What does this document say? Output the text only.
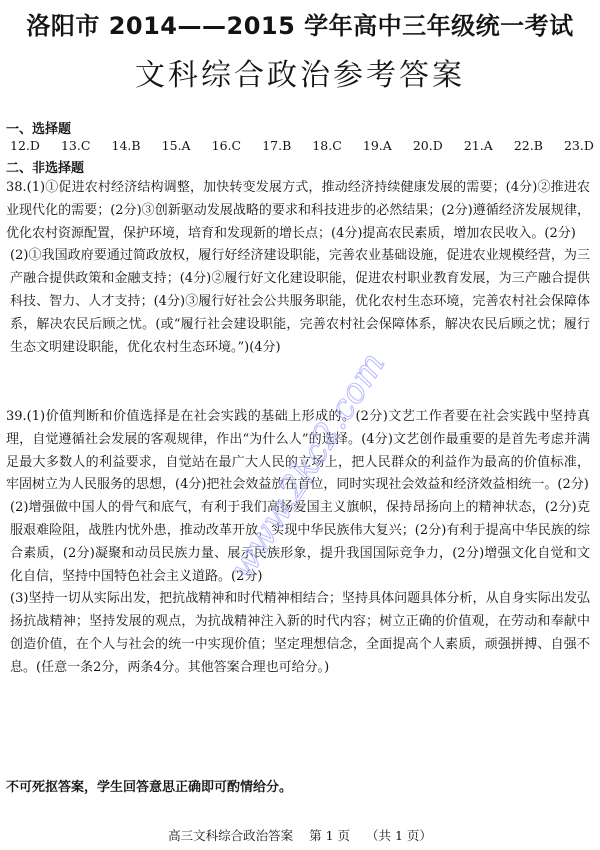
洛阳市 2014——2015 学年高中三年级统一考试
文科综合政治参考答案
一、选择题
12.D 13.C 14.B 15.A 16.C 17.B 18.C 19.A 20.D 21.A 22.B 23.D
二、非选择题

38.(1)①促进农村经济结构调整，加快转变发展方式，推动经济持续健康发展的需要；(4分)②推进农业现代化的需要；(2分)③创新驱动发展战略的要求和科技进步的必然结果；(2分)遵循经济发展规律，优化农村资源配置，保护环境，培育和发现新的增长点；(4分)提高农民素质，增加农民收入。(2分)

(2)①我国政府要通过简政放权，履行好经济建设职能，完善农业基础设施，促进农业规模经营，为三产融合提供政策和金融支持；(4分)②履行好文化建设职能，促进农村职业教育发展，为三产融合提供科技、智力、人才支持；(4分)③履行好社会公共服务职能，优化农村生态环境，完善农村社会保障体系，解决农民后顾之忧。(或“履行社会建设职能，完善农村社会保障体系，解决农民后顾之忧；履行生态文明建设职能，优化农村生态环境。”)(4分)

39.(1)价值判断和价值选择是在社会实践的基础上形成的。(2分)文艺工作者要在社会实践中坚持真理，自觉遵循社会发展的客观规律，作出“为什么人”的选择。(4分)文艺创作最重要的是首先考虑并满足最大多数人的利益要求，自觉站在最广大人民的立场上，把人民群众的利益作为最高的价值标准，牢固树立为人民服务的思想，(4分)把社会效益放在首位，同时实现社会效益和经济效益相统一。(2分)

(2)增强做中国人的骨气和底气，有利于我们高扬爱国主义旗帜，保持昂扬向上的精神状态，(2分)克服艰难险阻，战胜内忧外患，推动改革开放，实现中华民族伟大复兴；(2分)有利于提高中华民族的综合素质，(2分)凝聚和动员民族力量、展示民族形象，提升我国国际竞争力，(2分)增强文化自觉和文化自信，坚持中国特色社会主义道路。(2分)

(3)坚持一切从实际出发，把抗战精神和时代精神相结合；坚持具体问题具体分析，从自身实际出发弘扬抗战精神；坚持发展的观点，为抗战精神注入新的时代内容；树立正确的价值观，在劳动和奉献中创造价值，在个人与社会的统一中实现价值；坚定理想信念，全面提高个人素质，顽强拼搏、自强不息。(任意一条2分，两条4分。其他答案合理也可给分。)

不可死抠答案，学生回答意思正确即可酌情给分。
高三文科综合政治答案 第 1 页 （共 1 页）
www.2kc2.com
